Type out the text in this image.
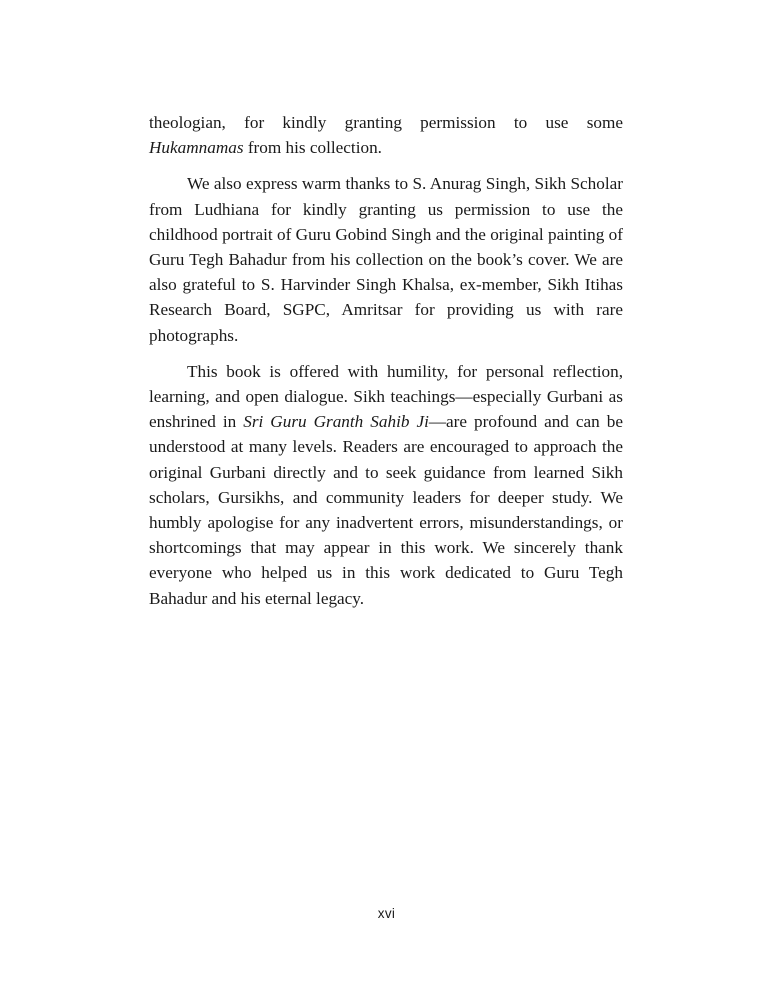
theologian, for kindly granting permission to use some Hukamnamas from his collection.

We also express warm thanks to S. Anurag Singh, Sikh Scholar from Ludhiana for kindly granting us permission to use the childhood portrait of Guru Gobind Singh and the original painting of Guru Tegh Bahadur from his collection on the book’s cover. We are also grateful to S. Harvinder Singh Khalsa, ex-member, Sikh Itihas Research Board, SGPC, Amritsar for providing us with rare photographs.

This book is offered with humility, for personal reflection, learning, and open dialogue. Sikh teachings—especially Gurbani as enshrined in Sri Guru Granth Sahib Ji—are profound and can be understood at many levels. Readers are encouraged to approach the original Gurbani directly and to seek guidance from learned Sikh scholars, Gursikhs, and community leaders for deeper study. We humbly apologise for any inadvertent errors, misunderstandings, or shortcomings that may appear in this work. We sincerely thank everyone who helped us in this work dedicated to Guru Tegh Bahadur and his eternal legacy.

xvi
